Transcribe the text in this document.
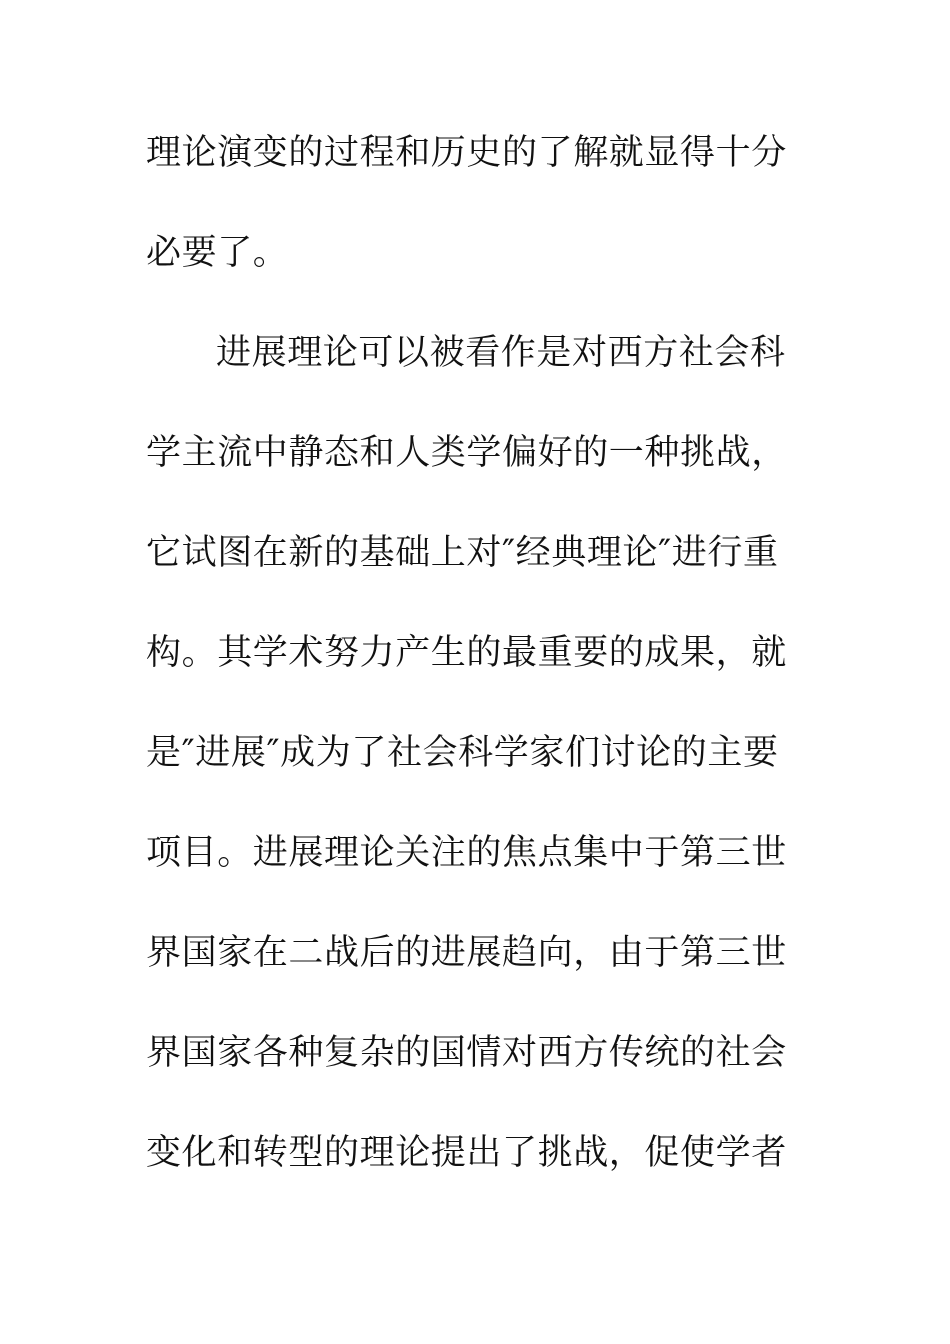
理论演变的过程和历史的了解就显得十分
必要了。
进展理论可以被看作是对西方社会科
学主流中静态和人类学偏好的一种挑战，
它试图在新的基础上对″经典理论″进行重
构。其学术努力产生的最重要的成果，就
是″进展″成为了社会科学家们讨论的主要
项目。进展理论关注的焦点集中于第三世
界国家在二战后的进展趋向，由于第三世
界国家各种复杂的国情对西方传统的社会
变化和转型的理论提出了挑战，促使学者
